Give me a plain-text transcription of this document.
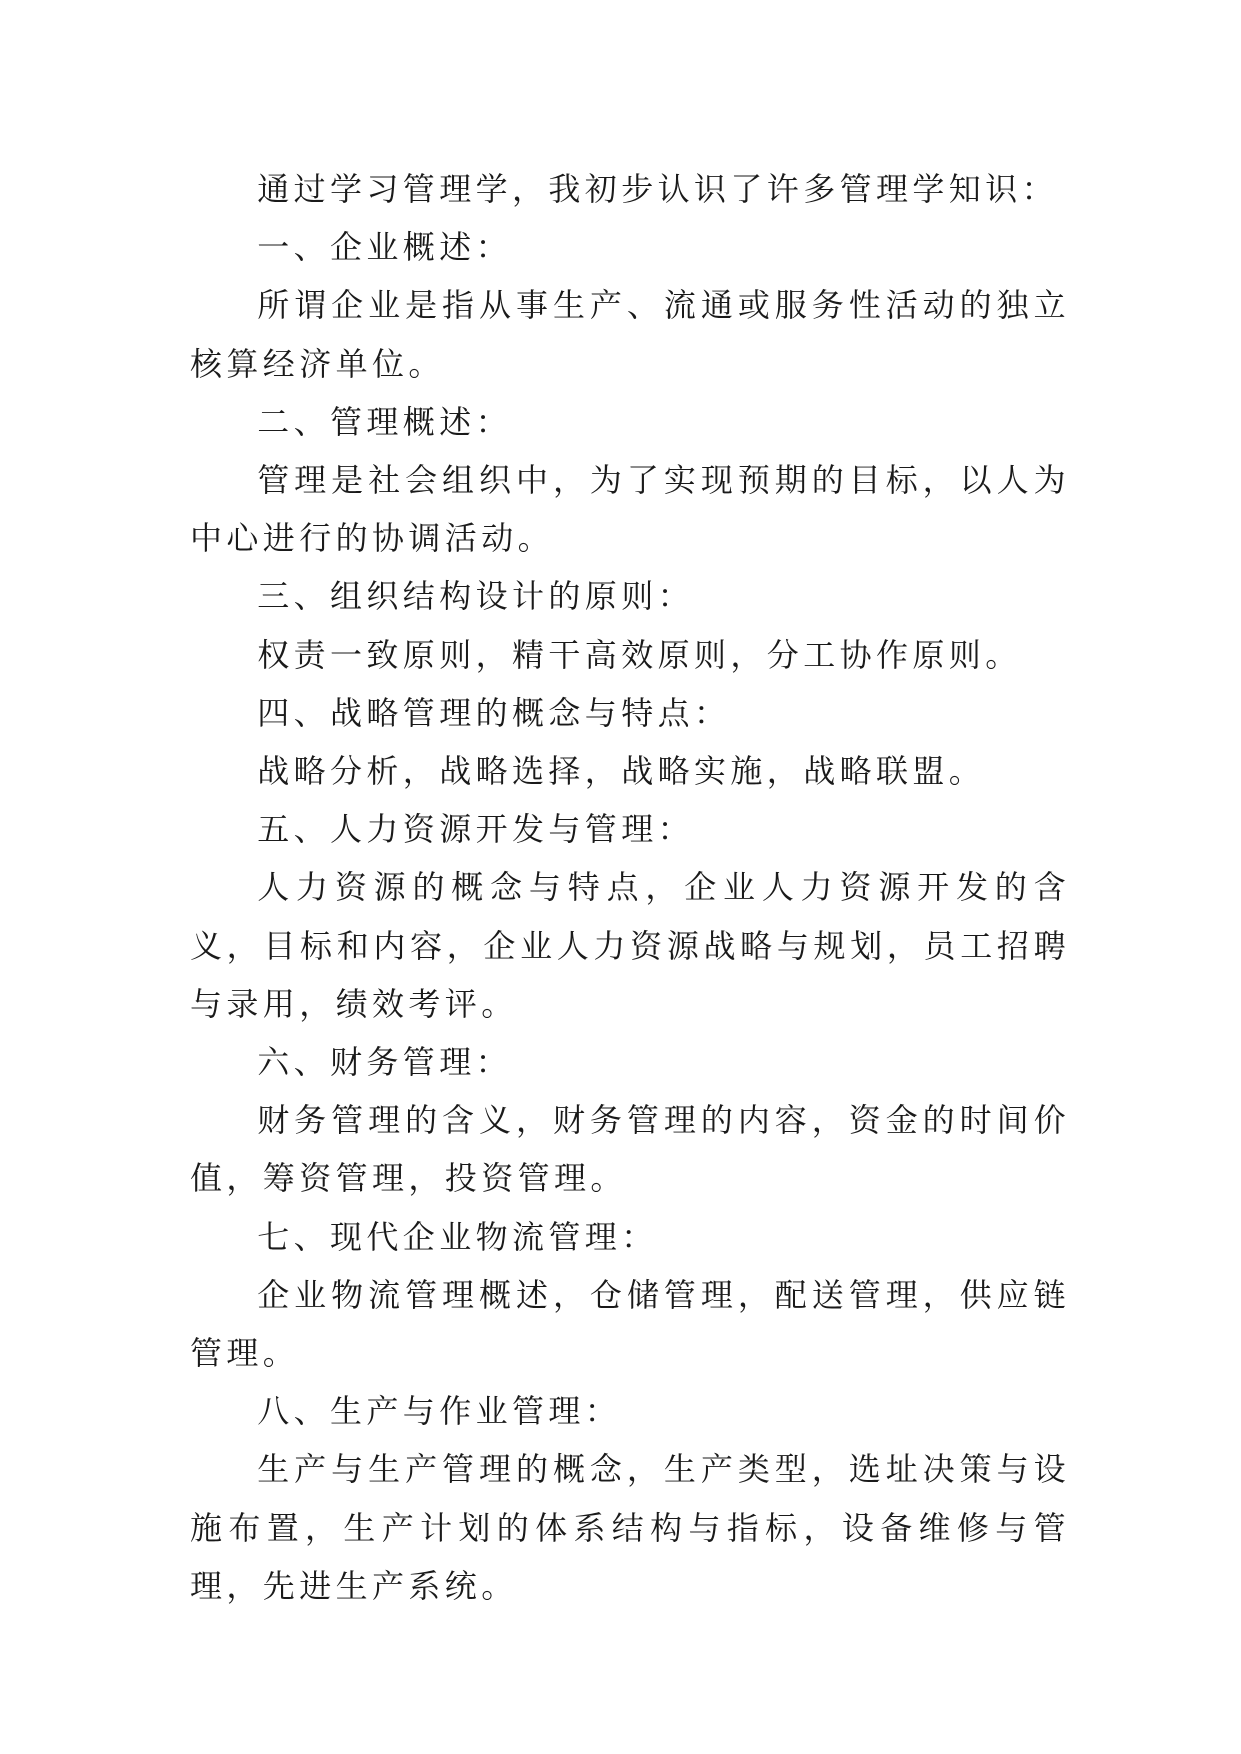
通过学习管理学，我初步认识了许多管理学知识：

一、企业概述：

所谓企业是指从事生产、流通或服务性活动的独立核算经济单位。

二、管理概述：

管理是社会组织中，为了实现预期的目标，以人为中心进行的协调活动。

三、组织结构设计的原则：

权责一致原则，精干高效原则，分工协作原则。

四、战略管理的概念与特点：

战略分析，战略选择，战略实施，战略联盟。

五、人力资源开发与管理：

人力资源的概念与特点，企业人力资源开发的含义，目标和内容，企业人力资源战略与规划，员工招聘与录用，绩效考评。

六、财务管理：

财务管理的含义，财务管理的内容，资金的时间价值，筹资管理，投资管理。

七、现代企业物流管理：

企业物流管理概述，仓储管理，配送管理，供应链管理。

八、生产与作业管理：

生产与生产管理的概念，生产类型，选址决策与设施布置，生产计划的体系结构与指标，设备维修与管理，先进生产系统。
